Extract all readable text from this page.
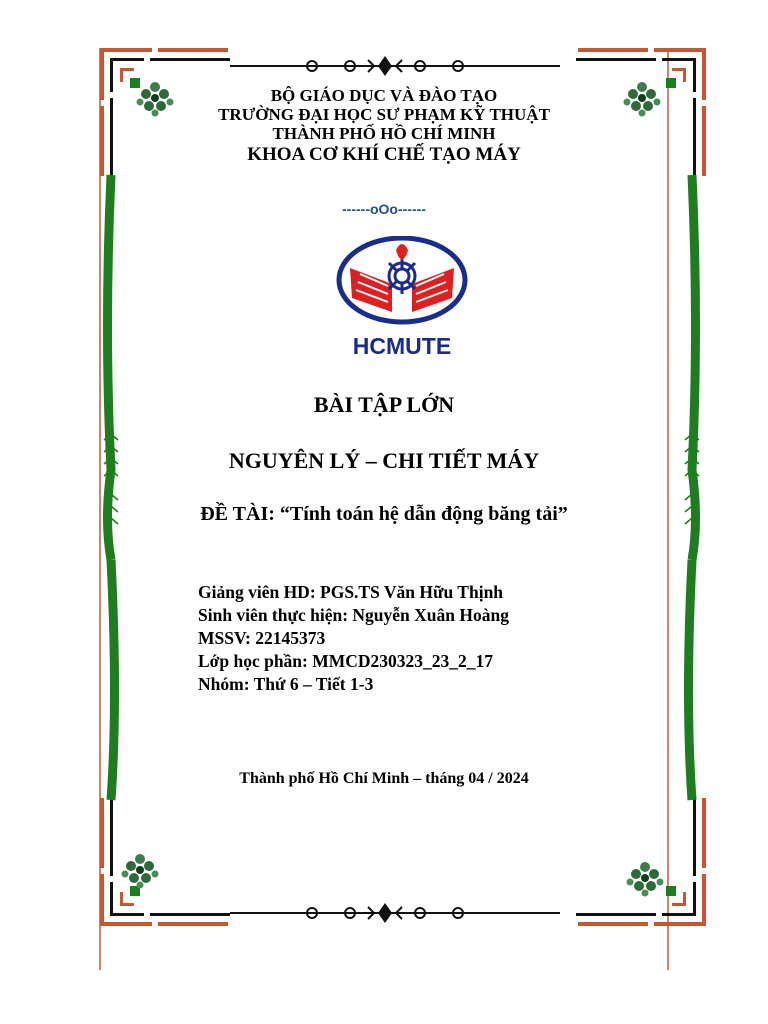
BỘ GIÁO DỤC VÀ ĐÀO TẠO
TRƯỜNG ĐẠI HỌC SƯ PHẠM KỸ THUẬT
THÀNH PHỐ HỒ CHÍ MINH
KHOA CƠ KHÍ CHẾ TẠO MÁY
------oOo------
HCMUTE
BÀI TẬP LỚN
NGUYÊN LÝ – CHI TIẾT MÁY
ĐỀ TÀI: “Tính toán hệ dẫn động băng tải”
Giảng viên HD: PGS.TS Văn Hữu Thịnh
Sinh viên thực hiện: Nguyễn Xuân Hoàng
MSSV: 22145373
Lớp học phần: MMCD230323_23_2_17
Nhóm: Thứ 6 – Tiết 1-3
Thành phố Hồ Chí Minh – tháng 04 / 2024
